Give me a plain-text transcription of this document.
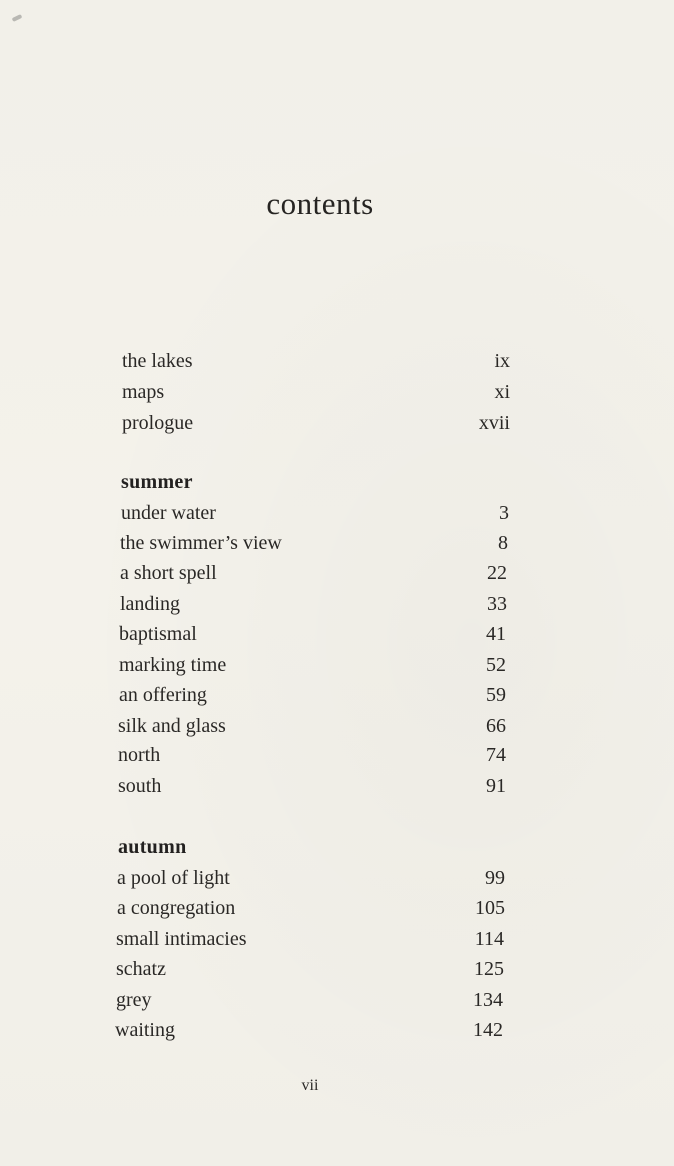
contents
the lakes	ix
maps	xi
prologue	xvii
summer
under water	3
the swimmer’s view	8
a short spell	22
landing	33
baptismal	41
marking time	52
an offering	59
silk and glass	66
north	74
south	91
autumn
a pool of light	99
a congregation	105
small intimacies	114
schatz	125
grey	134
waiting	142
vii
